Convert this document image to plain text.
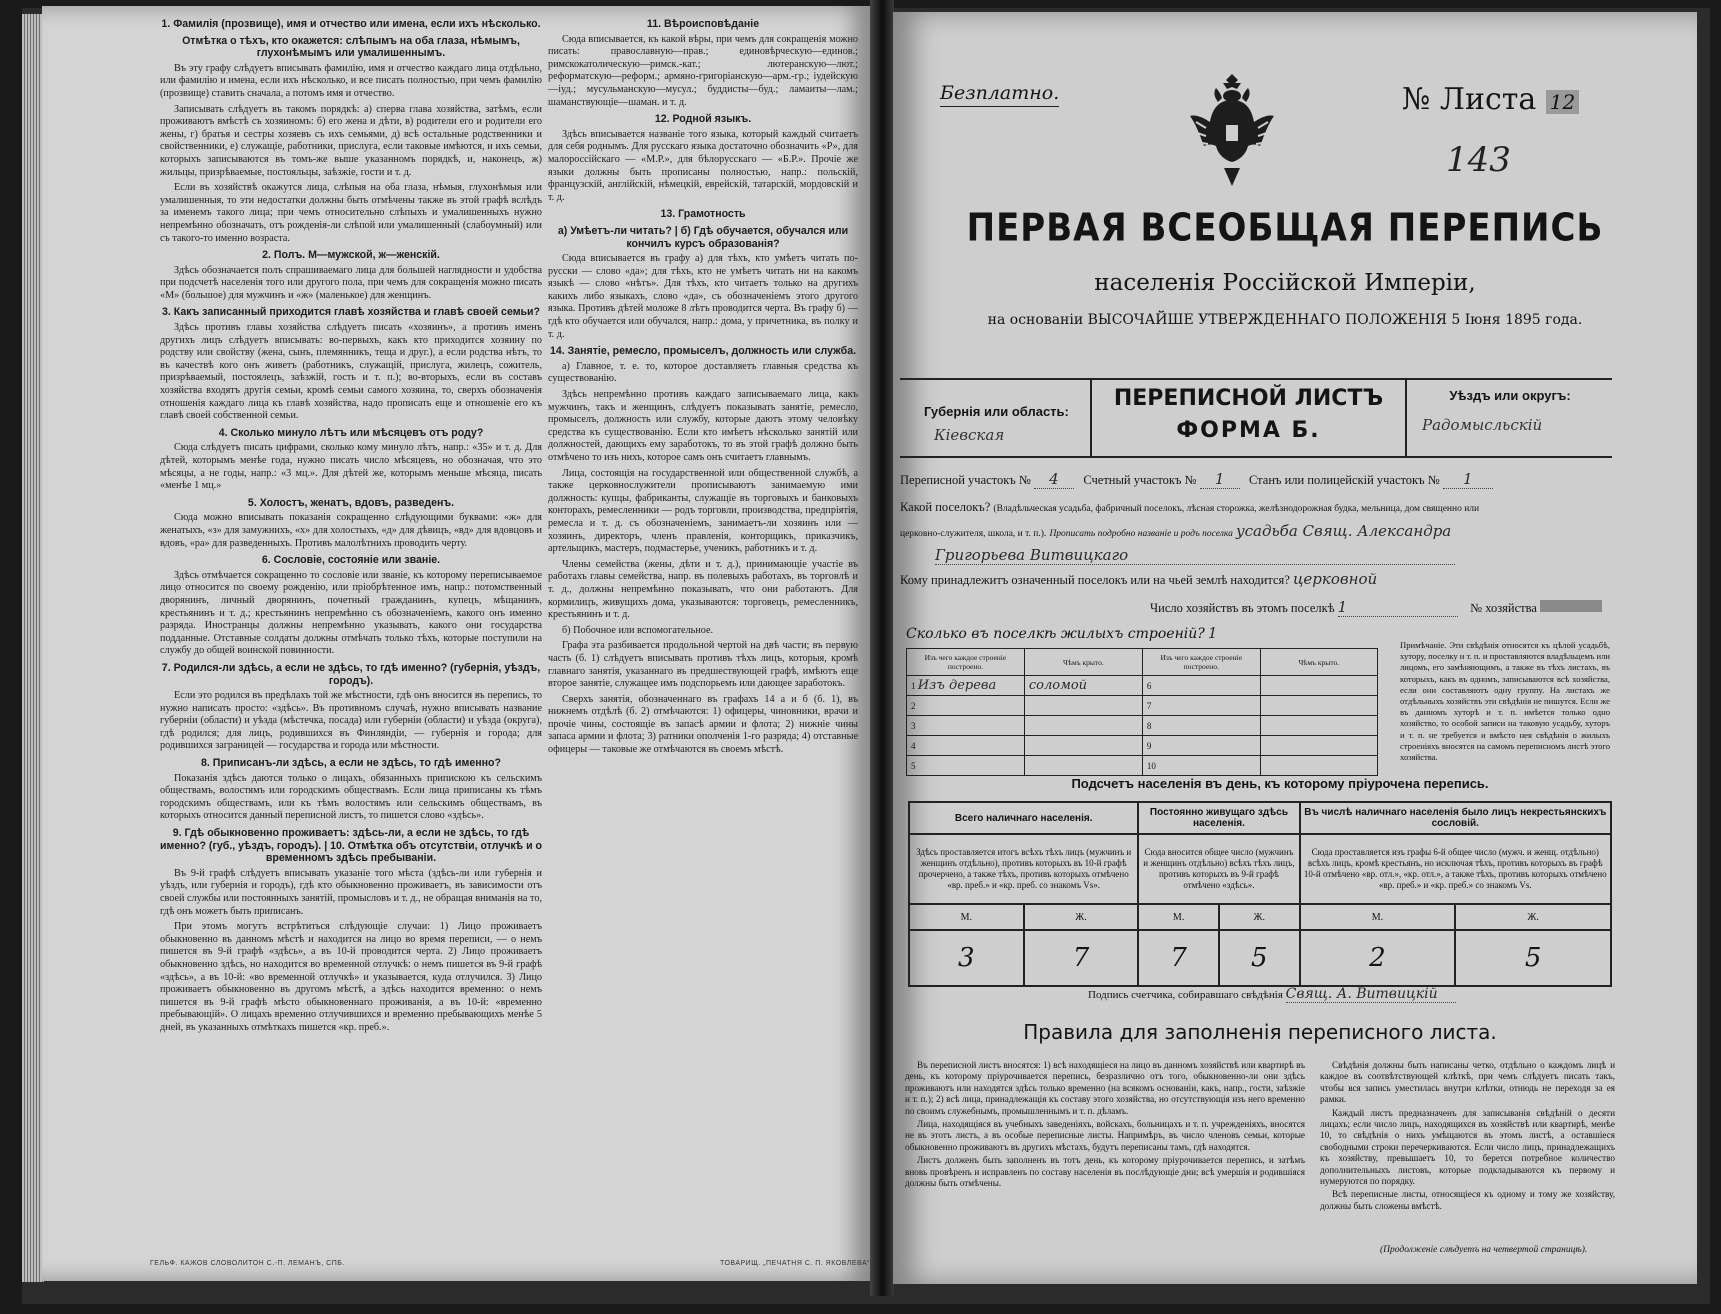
1. Фамилія (прозвище), имя и отчество или имена, если ихъ нѣсколько.
Отмѣтка о тѣхъ, кто окажется: слѣпымъ на оба глаза, нѣмымъ, глухонѣмымъ или умалишеннымъ.

Въ эту графу слѣдуетъ вписывать фамилію, имя и отчество каждаго лица отдѣльно, или фамилію и имена, если ихъ нѣсколько, и все писать полностью, при чемъ фамилію (прозвище) ставить сначала, а потомъ имя и отчество.

Записывать слѣдуетъ въ такомъ порядкѣ: а) сперва глава хозяйства, затѣмъ, если проживаютъ вмѣстѣ съ хозяиномъ: б) его жена и дѣти, в) родители его и родители его жены, г) братья и сестры хозяевъ съ ихъ семьями, д) всѣ остальные родственники и свойственники, е) служащіе, работники, прислуга, если таковые имѣются, и ихъ семьи, которыхъ записываются въ томъ-же выше указанномъ порядкѣ, и, наконецъ, ж) жильцы, призрѣваемые, постояльцы, заѣзжіе, гости и т. д.

Если въ хозяйствѣ окажутся лица, слѣпыя на оба глаза, нѣмыя, глухонѣмыя или умалишенныя, то эти недостатки должны быть отмѣчены также въ этой графѣ вслѣдъ за именемъ такого лица; при чемъ относительно слѣпыхъ и умалишенныхъ нужно непремѣнно обозначать, отъ рожденія-ли слѣпой или умалишенный (слабоумный) или съ такого-то именно возраста.

2. Полъ. М—мужской, ж—женскій.

Здѣсь обозначается полъ спрашиваемаго лица для большей наглядности и удобства при подсчетѣ населенія того или другого пола, при чемъ для сокращенія можно писать «М» (большое) для мужчинъ и «ж» (маленькое) для женщинъ.

3. Какъ записанный приходится главѣ хозяйства и главѣ своей семьи?

Здѣсь противъ главы хозяйства слѣдуетъ писать «хозяинъ», а противъ именъ другихъ лицъ слѣдуетъ вписывать: во-первыхъ, какъ кто приходится хозяину по родству или свойству (жена, сынъ, племянникъ, теща и друг.), а если родства нѣтъ, то въ качествѣ кого онъ живетъ (работникъ, служащій, прислуга, жилецъ, сожитель, призрѣваемый, постоялецъ, заѣзжій, гость и т. п.); во-вторыхъ, если въ составъ хозяйства входятъ другія семьи, кромѣ семьи самого хозяина, то, сверхъ обозначенія отношенія каждаго лица къ главѣ хозяйства, надо прописать еще и отношеніе его къ главѣ своей собственной семьи.

4. Сколько минуло лѣтъ или мѣсяцевъ отъ роду?

Сюда слѣдуетъ писать цифрами, сколько кому минуло лѣтъ, напр.: «35» и т. д. Для дѣтей, которымъ менѣе года, нужно писать число мѣсяцевъ, но обозначая, что это мѣсяцы, а не годы, напр.: «3 мц.». Для дѣтей же, которымъ меньше мѣсяца, писать «менѣе 1 мц.»

5. Холостъ, женатъ, вдовъ, разведенъ.

Сюда можно вписывать показанія сокращенно слѣдующими буквами: «ж» для женатыхъ, «з» для замужнихъ, «х» для холостыхъ, «д» для дѣвицъ, «вд» для вдовцовъ и вдовъ, «ра» для разведенныхъ. Противъ малолѣтнихъ проводить черту.

6. Сословіе, состояніе или званіе.

Здѣсь отмѣчается сокращенно то сословіе или званіе, къ которому переписываемое лицо относится по своему рожденію, или пріобрѣтенное имъ, напр.: потомственный дворянинъ, личный дворянинъ, почетный гражданинъ, купецъ, мѣщанинъ, крестьянинъ и т. д.; крестьянинъ непремѣнно съ обозначеніемъ, какого онъ именно разряда. Иностранцы должны непремѣнно указывать, какого они государства подданные. Отставные солдаты должны отмѣчать только тѣхъ, которые поступили на службу до общей воинской повинности.

7. Родился-ли здѣсь, а если не здѣсь, то гдѣ именно? (губернія, уѣздъ, городъ).

Если это родился въ предѣлахъ той же мѣстности, гдѣ онъ вносится въ перепись, то нужно написать просто: «здѣсь». Въ противномъ случаѣ, нужно вписывать название губерніи (области) и уѣзда (мѣстечка, посада) или губерніи (области) и уѣзда (округа), гдѣ родился; для лицъ, родившихся въ Финляндіи, — губернія и города; для родившихся заграницей — государства и города или мѣстности.

8. Приписанъ-ли здѣсь, а если не здѣсь, то гдѣ именно?

Показанія здѣсь даются только о лицахъ, обязанныхъ припискою къ сельскимъ обществамъ, волостямъ или городскимъ обществамъ. Если лица приписаны къ тѣмъ городскимъ обществамъ, или къ тѣмъ волостямъ или сельскимъ обществамъ, въ которыхъ относится данный переписной листъ, то пишется слово «здѣсь».

9. Гдѣ обыкновенно проживаетъ: здѣсь-ли, а если не здѣсь, то гдѣ именно? (губ., уѣздъ, городъ). | 10. Отмѣтка объ отсутствіи, отлучкѣ и о временномъ здѣсь пребываніи.

Въ 9-й графѣ слѣдуетъ вписывать указаніе того мѣста (здѣсь-ли или губернія и уѣздъ, или губернія и городъ), гдѣ кто обыкновенно проживаетъ, въ зависимости отъ своей службы или постоянныхъ занятій, промысловъ и т. д., не обращая вниманія на то, гдѣ онъ можетъ быть приписанъ.

При этомъ могутъ встрѣтиться слѣдующіе случаи: 1) Лицо проживаетъ обыкновенно въ данномъ мѣстѣ и находится на лицо во время переписи, — о немъ пишется въ 9-й графѣ «здѣсь», а въ 10-й проводится черта. 2) Лицо проживаетъ обыкновенно здѣсь, но находится во временной отлучкѣ: о немъ пишется въ 9-й графѣ «здѣсь», а въ 10-й: «во временной отлучкѣ» и указывается, куда отлучился. 3) Лицо проживаетъ обыкновенно въ другомъ мѣстѣ, а здѣсь находится временно: о немъ пишется въ 9-й графѣ мѣсто обыкновеннаго проживанія, а въ 10-й: «временно пребывающій». О лицахъ временно отлучившихся и временно пребывающихъ менѣе 5 дней, въ указанныхъ отмѣткахъ пишется «кр. преб.».

11. Вѣроисповѣданіе

Сюда вписывается, къ какой вѣры, при чемъ для сокращенія можно писать: православную—прав.; единовѣрческую—единов.; римскокатолическую—римск.-кат.; лютеранскую—лют.; реформатскую—реформ.; армяно-григоріанскую—арм.-гр.; іудейскую—іуд.; мусульманскую—мусул.; буддисты—буд.; ламаиты—лам.; шаманствующіе—шаман. и т. д.

12. Родной языкъ.

Здѣсь вписывается названіе того языка, который каждый считаетъ для себя роднымъ. Для русскаго языка достаточно обозначить «Р», для малороссійскаго — «М.Р.», для бѣлорусскаго — «Б.Р.». Прочіе же языки должны быть прописаны полностью, напр.: польскій, французскій, англійскій, нѣмецкій, еврейскій, татарскій, мордовскій и т. д.

13. Грамотность
а) Умѣетъ-ли читать? | б) Гдѣ обучается, обучался или кончилъ курсъ образованія?

Сюда вписывается въ графу а) для тѣхъ, кто умѣетъ читать по-русски — слово «да»; для тѣхъ, кто не умѣетъ читать ни на какомъ языкѣ — слово «нѣтъ». Для тѣхъ, кто читаетъ только на другихъ какихъ либо языкахъ, слово «да», съ обозначеніемъ этого другого языка. Противъ дѣтей моложе 8 лѣтъ проводится черта. Въ графу б) — гдѣ кто обучается или обучался, напр.: дома, у причетника, въ полку и т. д.

14. Занятіе, ремесло, промыселъ, должность или служба.

а) Главное, т. е. то, которое доставляетъ главныя средства къ существованію.

Здѣсь непремѣнно противъ каждаго записываемаго лица, какъ мужчинъ, такъ и женщинъ, слѣдуетъ показывать занятіе, ремесло, промыселъ, должность или службу, которые даютъ этому человѣку средства къ существованію. Если кто имѣетъ нѣсколько занятій или должностей, дающихъ ему заработокъ, то въ этой графѣ должно быть отмѣчено то изъ нихъ, которое самъ онъ считаетъ главнымъ.

Лица, состоящія на государственной или общественной службѣ, а также церковнослужители прописываютъ занимаемую ими должность: купцы, фабриканты, служащіе въ торговыхъ и банковыхъ конторахъ, ремесленники — родъ торговли, производства, предпріятія, ремесла и т. д. съ обозначеніемъ, занимаетъ-ли хозяинъ или — хозяинъ, директоръ, членъ правленія, конторщикъ, приказчикъ, артельщикъ, мастеръ, подмастерье, ученикъ, работникъ и т. д.

Члены семейства (жены, дѣти и т. д.), принимающіе участіе въ работахъ главы семейства, напр. въ полевыхъ работахъ, въ торговлѣ и т. д., должны непремѣнно показывать, что они работаютъ. Для кормилицъ, живущихъ дома, указываются: торговецъ, ремесленникъ, крестьянинъ и т. д.

б) Побочное или вспомогательное.

Графа эта разбивается продольной чертой на двѣ части; въ первую часть (б. 1) слѣдуетъ вписывать противъ тѣхъ лицъ, которыя, кромѣ главнаго занятія, указаннаго въ предшествующей графѣ, имѣютъ еще второе занятіе, служащее имъ подспорьемъ или дающее заработокъ.

Сверхъ занятія, обозначеннаго въ графахъ 14 а и б (б. 1), въ нижнемъ отдѣлѣ (б. 2) отмѣчаются: 1) офицеры, чиновники, врачи и прочіе чины, состоящіе въ запасѣ армии и флота; 2) нижніе чины запаса армии и флота; 3) ратники ополченія 1-го разряда; 4) отставные офицеры — таковые же отмѣчаются въ своемъ мѣстѣ.

ГЕЛЬФ. КАЖОВ СЛОВОЛИТОН С.-П. ЛЕМАНЪ, СПБ.	ТОВАРИЩ. „ПЕЧАТНЯ С. П. ЯКОВЛЕВА“
Безплатно.	№ Листа 12
143
ПЕРВАЯ ВСЕОБЩАЯ ПЕРЕПИСЬ
населенія Россійской Имперіи,
на основаніи ВЫСОЧАЙШЕ УТВЕРЖДЕННАГО ПОЛОЖЕНІЯ 5 Іюня 1895 года.
Губернія или область:
Кіевская
ПЕРЕПИСНОЙ ЛИСТЪ
ФОРМА Б.
Уѣздъ или округъ:
Радомысльскій
Переписной участокъ № 4 Счетный участокъ № 1 Станъ или полицейскій участокъ № 1
Какой поселокъ? (Владѣльческая усадьба, фабричный поселокъ, лѣсная сторожка, желѣзнодорожная будка, мельница, дом священно или
церковно-служителя, школа, и т. п.). Прописать подробно названіе и родъ поселка усадьба Свящ. Александра
Григорьева Витвицкаго
Кому принадлежитъ означенный поселокъ или на чьей землѣ находится? церковной
Число хозяйствъ въ этомъ поселкѣ 1	№ хозяйства
Сколько въ поселкѣ жилыхъ строеній? 1
Изъ чего каждое строеніе построено.	Чѣмъ крыто.	Изъ чего каждое строеніе построено.	Чѣмъ крыто.
1 Изъ дерева	соломой	6	
2		7	
3		8	
4		9	
5		10	
Примѣчаніе. Эти свѣдѣнія относятся къ цѣлой усадьбѣ, хутору, поселку и т. п. и проставляются владѣльцемъ или лицомъ, его замѣняющимъ, а также въ тѣхъ листахъ, въ которыхъ, какъ въ одномъ, записываются всѣ хозяйства, если они составляютъ одну группу. На листахъ же отдѣльныхъ хозяйствъ эти свѣдѣнія не пишутся. Если же въ данномъ хуторѣ и т. п. имѣется только одно хозяйство, то особой записи на таковую усадьбу, хуторъ и т. п. не требуется и вмѣсто нея свѣдѣнія о жилыхъ строеніяхъ вносятся на самомъ переписномъ листѣ этого хозяйства.
Подсчетъ населенія въ день, къ которому пріурочена перепись.
Всего наличнаго населенія.		Постоянно живущаго здѣсь населенія.		Въ числѣ наличнаго населенія было лицъ некрестьянскихъ сословій.	
Здѣсь проставляется итогъ всѣхъ тѣхъ лицъ (мужчинъ и женщинъ отдѣльно), противъ которыхъ въ 10-й графѣ прочерчено, а также тѣхъ, противъ которыхъ отмѣчено «вр. преб.» и «кр. преб. со знакомъ Vs».		Сюда вносится общее число (мужчинъ и женщинъ отдѣльно) всѣхъ тѣхъ лицъ, противъ которыхъ въ 9-й графѣ отмѣчено «здѣсь».		Сюда проставляется изъ графы 6-й общее число (мужч. и женщ. отдѣльно) всѣхъ лицъ, кромѣ крестьянъ, но исключая тѣхъ, противъ которыхъ въ графѣ 10-й отмѣчено «вр. отл.», «кр. отл.», а также тѣхъ, противъ которыхъ отмѣчено «вр. преб.» и «кр. преб.» со знакомъ Vs.	
М.	Ж.	М.	Ж.	М.	Ж.
3	7	7	5	2	5
Подпись счетчика, собиравшаго свѣдѣнія Свящ. А. Витвицкій
Правила для заполненія переписного листа.

Въ переписной листъ вносятся: 1) всѣ находящіеся на лицо въ данномъ хозяйствѣ или квартирѣ въ день, къ которому пріурочивается перепись, безразлично отъ того, обыкновенно-ли они здѣсь проживаютъ или находятся здѣсь только временно (на всякомъ основаніи, какъ, напр., гости, заѣзжіе и т. п.); 2) всѣ лица, принадлежащія къ составу этого хозяйства, но отсутствующія изъ него временно по своимъ служебнымъ, промышленнымъ и т. п. дѣламъ.

Лица, находящіяся въ учебныхъ заведеніяхъ, войскахъ, больницахъ и т. п. учрежденіяхъ, вносятся не въ этотъ листъ, а въ особые переписные листы. Напримѣръ, въ число членовъ семьи, которые обыкновенно проживаютъ въ другихъ мѣстахъ, будутъ переписаны тамъ, гдѣ находятся.

Листъ долженъ быть заполненъ въ тотъ день, къ которому пріурочивается перепись, и затѣмъ вновь провѣренъ и исправленъ по составу населенія въ послѣдующіе дни; всѣ умершія и родившіяся должны быть отмѣчены.

Свѣдѣнія должны быть написаны четко, отдѣльно о каждомъ лицѣ и каждое въ соотвѣтствующей клѣткѣ, при чемъ слѣдуетъ писать такъ, чтобы вся запись уместилась внутри клѣтки, отнюдь не переходя за ея рамки.

Каждый листъ предназначенъ для записыванія свѣдѣній о десяти лицахъ; если число лицъ, находящихся въ хозяйствѣ или квартирѣ, менѣе 10, то свѣдѣнія о нихъ умѣщаются въ этомъ листѣ, а оставшіеся свободными строки перечеркиваются. Если число лицъ, принадлежащихъ къ хозяйству, превышаетъ 10, то берется потребное количество дополнительныхъ листовъ, которые подкладываются къ первому и нумеруются по порядку.

Всѣ переписные листы, относящіеся къ одному и тому же хозяйству, должны быть сложены вмѣстѣ.

(Продолженіе слѣдуетъ на четвертой страницѣ).
